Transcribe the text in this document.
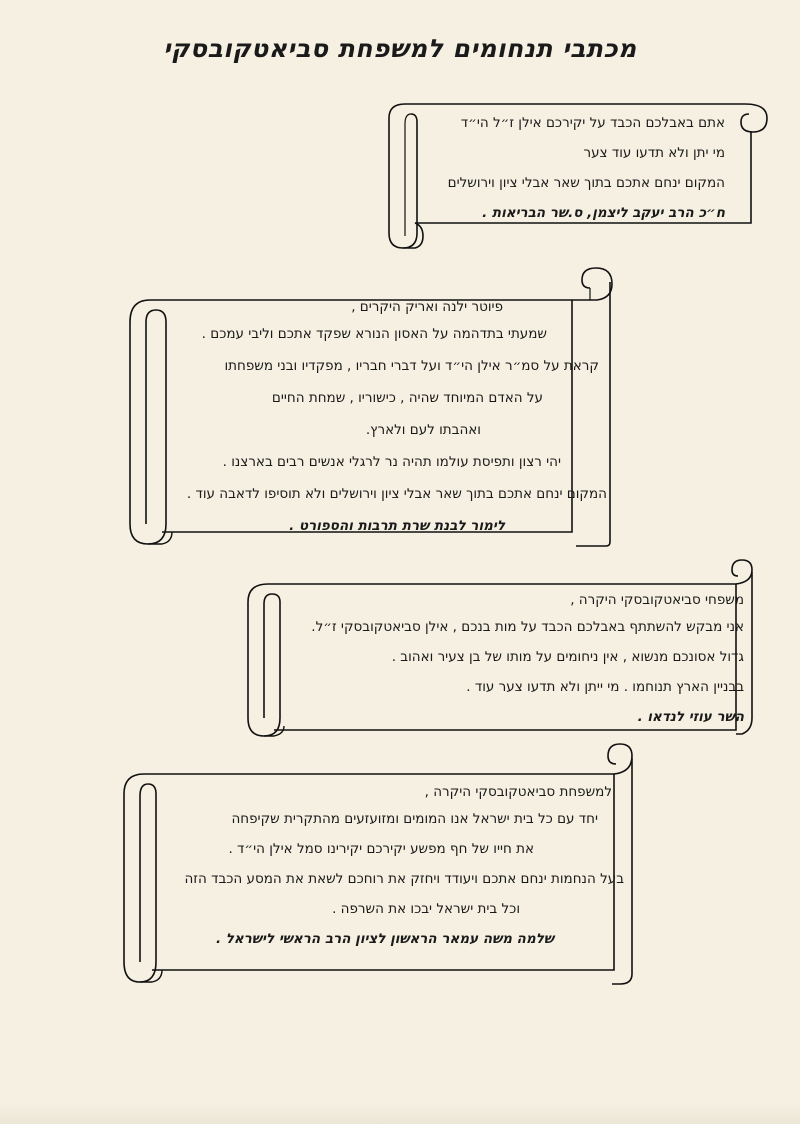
מכתבי תנחומים למשפחת סביאטקובסקי
אתם באבלכם הכבד על יקירכם אילן ז״ל הי״ד
מי יתן ולא תדעו עוד צער
המקום ינחם אתכם בתוך שאר אבלי ציון וירושלים
ח״כ הרב יעקב ליצמן, ס.שר הבריאות .
פיוטר ילנה ואריק היקרים ,
שמעתי בתדהמה על האסון הנורא שפקד אתכם וליבי עמכם .
קראת על סמ״ר אילן הי״ד ועל דברי חבריו , מפקדיו ובני משפחתו
על האדם המיוחד שהיה , כישוריו , שמחת החיים
ואהבתו לעם ולארץ.
יהי רצון ותפיסת עולמו תהיה נר לרגלי אנשים רבים בארצנו .
המקום ינחם אתכם בתוך שאר אבלי ציון וירושלים ולא תוסיפו לדאבה עוד .
לימור לבנת שרת תרבות והספורט .
משפחי סביאטקובסקי היקרה ,
אני מבקש להשתתף באבלכם הכבד על מות בנכם , אילן סביאטקובסקי ז״ל.
גדול אסונכם מנשוא , אין ניחומים על מותו של בן צעיר ואהוב .
בבניין הארץ תנוחמו . מי ייתן ולא תדעו צער עוד .
השר עוזי לנדאו .
למשפחת סביאטקובסקי היקרה ,
יחד עם כל בית ישראל אנו המומים ומזועזעים מהתקרית שקיפחה
את חייו של חף מפשע יקירכם יקירינו סמל אילן הי״ד .
בעל הנחמות ינחם אתכם ויעודד ויחזק את רוחכם לשאת את המסע הכבד הזה
וכל בית ישראל יבכו את השרפה .
שלמה משה עמאר הראשון לציון הרב הראשי לישראל .
